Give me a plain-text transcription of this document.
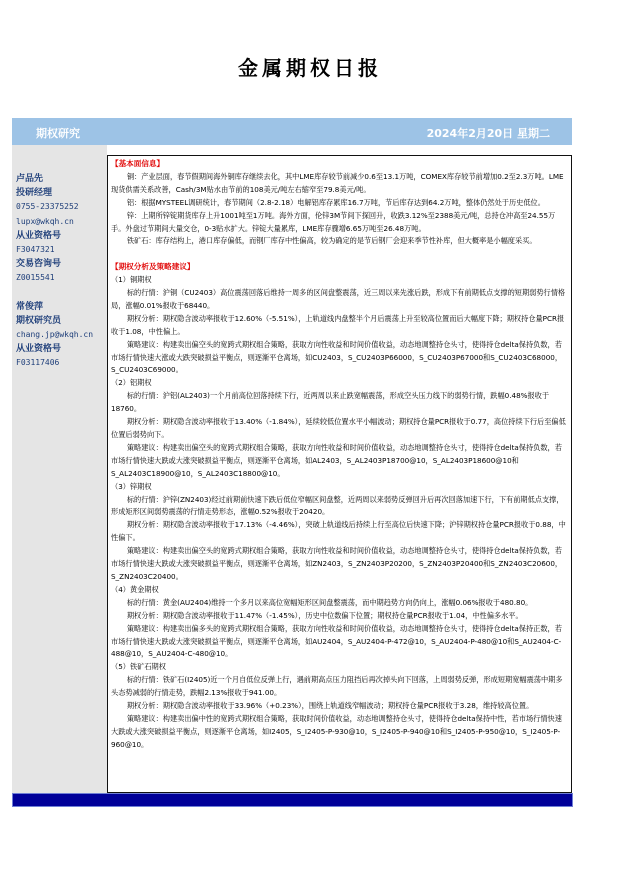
金属期权日报
期权研究	2024年2月20日 星期二
卢品先
投研经理
0755-23375252
lupx@wkqh.cn
从业资格号
F3047321
交易咨询号
Z0015541
常俊萍
期权研究员
chang.jp@wkqh.cn
从业资格号
F03117406

【基本面信息】

铜：产业层面，春节假期间海外铜库存继续去化，其中LME库存较节前减少0.6至13.1万吨，COMEX库存较节前增加0.2至2.3万吨。LME现货供需关系改善，Cash/3M贴水由节前的108美元/吨左右缩窄至79.8美元/吨。

铝：根据MYSTEEL调研统计，春节期间（2.8-2.18）电解铝库存累库16.7万吨，节后库存达到64.2万吨，整体仍然处于历史低位。

锌：上期所锌锭期货库存上升1001吨至1万吨。海外方面，伦锌3M节间下探回升，收跌3.12%至2388美元/吨，总持仓冲高至24.55万手。外盘过节期间大量交仓，0-3贴水扩大。锌锭大量累库，LME库存骤增6.65万吨至26.48万吨。

铁矿石：库存结构上，港口库存偏低，而钢厂库存中性偏高，较为确定的是节后钢厂会迎来季节性补库，但大概率是小幅度采买。

【期权分析及策略建议】

（1）铜期权

标的行情：沪铜（CU2403）高位震荡回落后维持一周多的区间盘整震荡，近三周以来先涨后跌，形成下有前期低点支撑的短期弱势行情格局，涨幅0.01%报收于68440。

期权分析：期权隐含波动率报收于12.60%（-5.51%），上轨道线内盘整半个月后震荡上升至较高位置而后大幅度下降；期权持仓量PCR报收于1.08，中性偏上。

策略建议：构建卖出偏空头的宽跨式期权组合策略，获取方向性收益和时间价值收益，动态地调整持仓头寸，使得持仓delta保持负数，若市场行情快速大涨或大跌突破损益平衡点，则逐渐平仓离场，如CU2403，S_CU2403P66000，S_CU2403P67000和S_CU2403C68000，S_CU2403C69000。

（2）铝期权

标的行情：沪铝(AL2403)一个月前高位回落持续下行，近两周以来止跌宽幅震荡，形成空头压力线下的弱势行情，跌幅0.48%报收于18760。

期权分析：期权隐含波动率报收于13.40%（-1.84%），延续较低位置水平小幅波动；期权持仓量PCR报收于0.77，高位持续下行后至偏低位置后弱势向下。

策略建议：构建卖出偏空头的宽跨式期权组合策略，获取方向性收益和时间价值收益，动态地调整持仓头寸，使得持仓delta保持负数，若市场行情快速大跌或大涨突破损益平衡点，则逐渐平仓离场，如AL2403，S_AL2403P18700@10，S_AL2403P18600@10和S_AL2403C18900@10，S_AL2403C18800@10。

（3）锌期权

标的行情：沪锌(ZN2403)经过前期前快速下跌后低位窄幅区间盘整，近两周以来弱势反弹回升后再次回落加速下行，下有前期低点支撑，形成矩形区间弱势震荡的行情走势形态，涨幅0.52%报收于20420。

期权分析：期权隐含波动率报收于17.13%（-4.46%），突破上轨道线后持续上行至高位后快速下降；沪锌期权持仓量PCR报收于0.88，中性偏下。

策略建议：构建卖出偏空头的宽跨式期权组合策略，获取方向性收益和时间价值收益，动态地调整持仓头寸，使得持仓delta保持负数，若市场行情快速大跌或大涨突破损益平衡点，则逐渐平仓离场，如ZN2403，S_ZN2403P20200，S_ZN2403P20400和S_ZN2403C20600，S_ZN2403C20400。

（4）黄金期权

标的行情：黄金(AU2404)维持一个多月以来高位宽幅矩形区间盘整震荡，而中期趋势方向仍向上，涨幅0.06%报收于480.80。

期权分析：期权隐含波动率报收于11.47%（-1.45%），历史中位数偏下位置；期权持仓量PCR报收于1.04，中性偏多水平。

策略建议：构建卖出偏多头的宽跨式期权组合策略，获取方向性收益和时间价值收益，动态地调整持仓头寸，使得持仓delta保持正数，若市场行情快速大跌或大涨突破损益平衡点，则逐渐平仓离场，如AU2404，S_AU2404-P-472@10，S_AU2404-P-480@10和S_AU2404-C-488@10，S_AU2404-C-480@10。

（5）铁矿石期权

标的行情：铁矿石(I2405)近一个月自低位反弹上行，遇前期高点压力阻挡后再次掉头向下回落，上周弱势反弹，形成短期宽幅震荡中期多头态势减弱的行情走势，跌幅2.13%报收于941.00。

期权分析：期权隐含波动率报收于33.96%（+0.23%），围绕上轨道线窄幅波动；期权持仓量PCR报收于3.28，维持较高位置。

策略建议：构建卖出偏中性的宽跨式期权组合策略，获取时间价值收益，动态地调整持仓头寸，使得持仓delta保持中性，若市场行情快速大跌或大涨突破损益平衡点，则逐渐平仓离场，如I2405，S_I2405-P-930@10，S_I2405-P-940@10和S_I2405-P-950@10，S_I2405-P-960@10。
